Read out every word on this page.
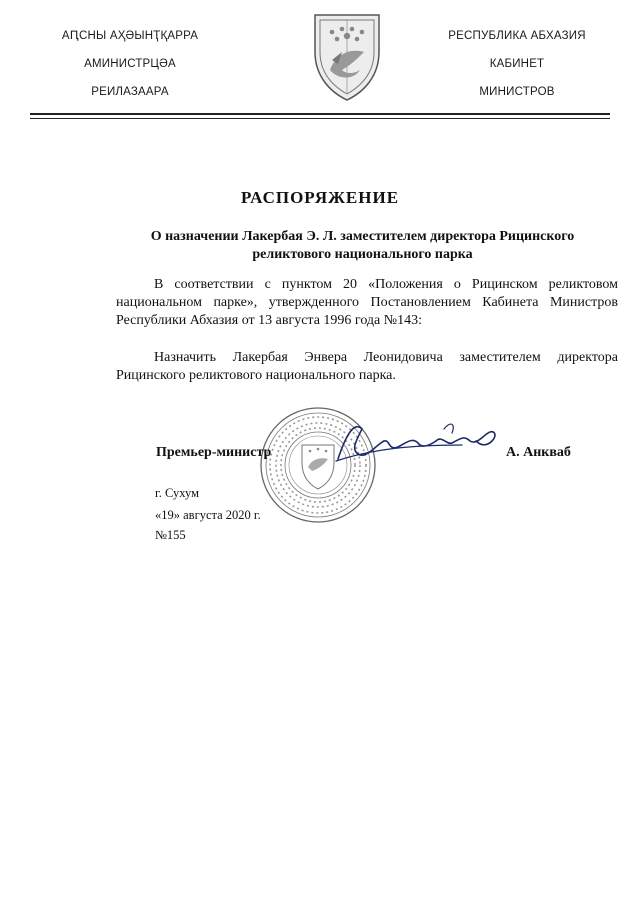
АԤСНЫ АҲӘЫНҬҚАРРА
АМИНИСТРЦӘА
РЕИЛАЗААРА
РЕСПУБЛИКА АБХАЗИЯ
КАБИНЕТ
МИНИСТРОВ
РАСПОРЯЖЕНИЕ
О назначении Лакербая Э. Л. заместителем директора Рицинского реликтового национального парка
В соответствии с пунктом 20 «Положения о Рицинском реликтовом национальном парке», утвержденного Постановлением Кабинета Министров Республики Абхазия от 13 августа 1996 года №143:
Назначить Лакербая Энвера Леонидовича заместителем директора Рицинского реликтового национального парка.
Премьер-министр	А. Анкваб
г. Сухум
«19» августа 2020 г.
№155
